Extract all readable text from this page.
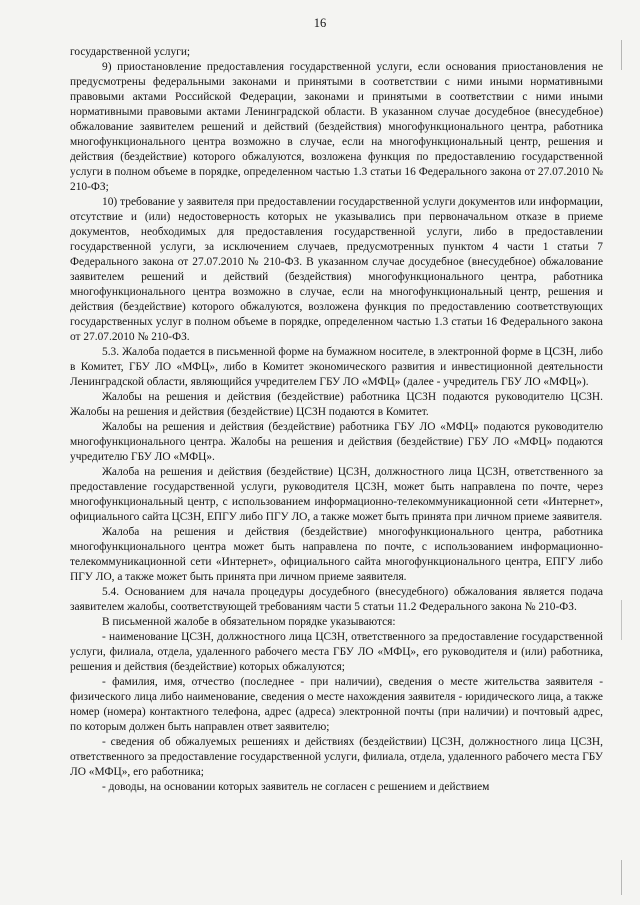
16

государственной услуги;

9) приостановление предоставления государственной услуги, если основания приостановления не предусмотрены федеральными законами и принятыми в соответствии с ними иными нормативными правовыми актами Российской Федерации, законами и принятыми в соответствии с ними иными нормативными правовыми актами Ленинградской области. В указанном случае досудебное (внесудебное) обжалование заявителем решений и действий (бездействия) многофункционального центра, работника многофункционального центра возможно в случае, если на многофункциональный центр, решения и действия (бездействие) которого обжалуются, возложена функция по предоставлению государственной услуги в полном объеме в порядке, определенном частью 1.3 статьи 16 Федерального закона от 27.07.2010 № 210-ФЗ;

10) требование у заявителя при предоставлении государственной услуги документов или информации, отсутствие и (или) недостоверность которых не указывались при первоначальном отказе в приеме документов, необходимых для предоставления государственной услуги, либо в предоставлении государственной услуги, за исключением случаев, предусмотренных пунктом 4 части 1 статьи 7 Федерального закона от 27.07.2010 № 210-ФЗ. В указанном случае досудебное (внесудебное) обжалование заявителем решений и действий (бездействия) многофункционального центра, работника многофункционального центра возможно в случае, если на многофункциональный центр, решения и действия (бездействие) которого обжалуются, возложена функция по предоставлению соответствующих государственных услуг в полном объеме в порядке, определенном частью 1.3 статьи 16 Федерального закона от 27.07.2010 № 210-ФЗ.

5.3. Жалоба подается в письменной форме на бумажном носителе, в электронной форме в ЦСЗН, либо в Комитет, ГБУ ЛО «МФЦ», либо в Комитет экономического развития и инвестиционной деятельности Ленинградской области, являющийся учредителем ГБУ ЛО «МФЦ» (далее - учредитель ГБУ ЛО «МФЦ»).

Жалобы на решения и действия (бездействие) работника ЦСЗН подаются руководителю ЦСЗН. Жалобы на решения и действия (бездействие) ЦСЗН подаются в Комитет.

Жалобы на решения и действия (бездействие) работника ГБУ ЛО «МФЦ» подаются руководителю многофункционального центра. Жалобы на решения и действия (бездействие) ГБУ ЛО «МФЦ» подаются учредителю ГБУ ЛО «МФЦ».

Жалоба на решения и действия (бездействие) ЦСЗН, должностного лица ЦСЗН, ответственного за предоставление государственной услуги, руководителя ЦСЗН, может быть направлена по почте, через многофункциональный центр, с использованием информационно-телекоммуникационной сети «Интернет», официального сайта ЦСЗН, ЕПГУ либо ПГУ ЛО, а также может быть принята при личном приеме заявителя.

Жалоба на решения и действия (бездействие) многофункционального центра, работника многофункционального центра может быть направлена по почте, с использованием информационно-телекоммуникационной сети «Интернет», официального сайта многофункционального центра, ЕПГУ либо ПГУ ЛО, а также может быть принята при личном приеме заявителя.

5.4. Основанием для начала процедуры досудебного (внесудебного) обжалования является подача заявителем жалобы, соответствующей требованиям части 5 статьи 11.2 Федерального закона № 210-ФЗ.

В письменной жалобе в обязательном порядке указываются:

- наименование ЦСЗН, должностного лица ЦСЗН, ответственного за предоставление государственной услуги, филиала, отдела, удаленного рабочего места ГБУ ЛО «МФЦ», его руководителя и (или) работника, решения и действия (бездействие) которых обжалуются;

- фамилия, имя, отчество (последнее - при наличии), сведения о месте жительства заявителя - физического лица либо наименование, сведения о месте нахождения заявителя - юридического лица, а также номер (номера) контактного телефона, адрес (адреса) электронной почты (при наличии) и почтовый адрес, по которым должен быть направлен ответ заявителю;

- сведения об обжалуемых решениях и действиях (бездействии) ЦСЗН, должностного лица ЦСЗН, ответственного за предоставление государственной услуги, филиала, отдела, удаленного рабочего места ГБУ ЛО «МФЦ», его работника;

- доводы, на основании которых заявитель не согласен с решением и действием
